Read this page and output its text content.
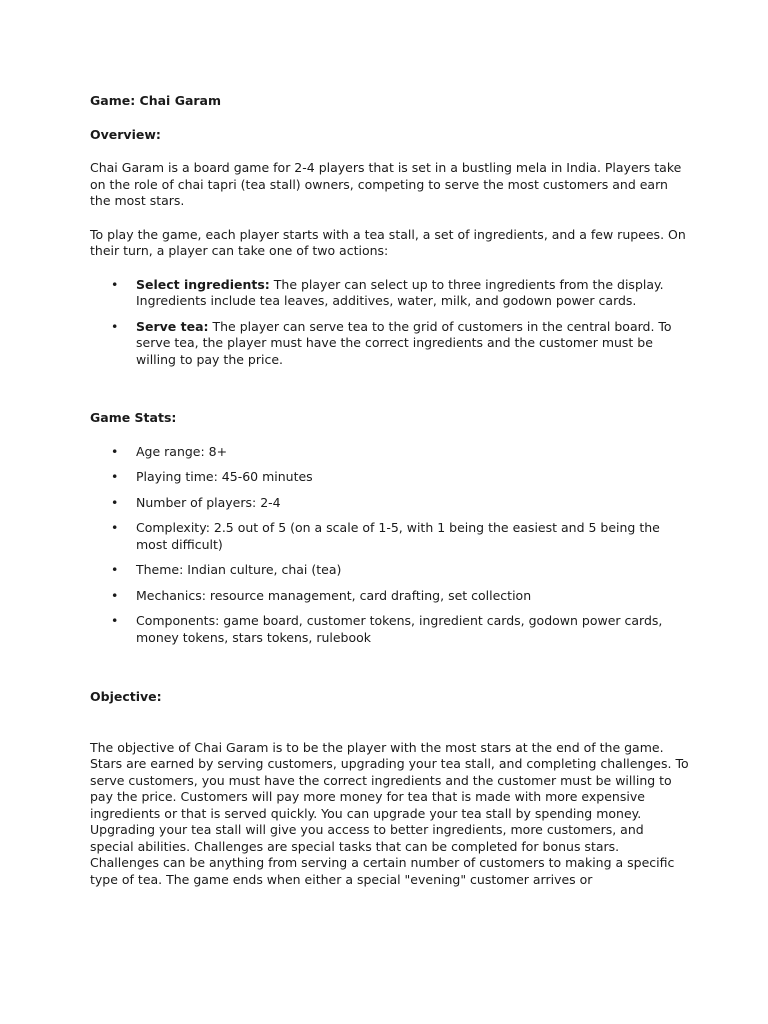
Game: Chai Garam

Overview:

Chai Garam is a board game for 2-4 players that is set in a bustling mela in India. Players take on the role of chai tapri (tea stall) owners, competing to serve the most customers and earn the most stars.

To play the game, each player starts with a tea stall, a set of ingredients, and a few rupees. On their turn, a player can take one of two actions:

• Select ingredients: The player can select up to three ingredients from the display. Ingredients include tea leaves, additives, water, milk, and godown power cards.
• Serve tea: The player can serve tea to the grid of customers in the central board. To serve tea, the player must have the correct ingredients and the customer must be willing to pay the price.

Game Stats:

• Age range: 8+
• Playing time: 45-60 minutes
• Number of players: 2-4
• Complexity: 2.5 out of 5 (on a scale of 1-5, with 1 being the easiest and 5 being the most difficult)
• Theme: Indian culture, chai (tea)
• Mechanics: resource management, card drafting, set collection
• Components: game board, customer tokens, ingredient cards, godown power cards, money tokens, stars tokens, rulebook

Objective:

The objective of Chai Garam is to be the player with the most stars at the end of the game. Stars are earned by serving customers, upgrading your tea stall, and completing challenges. To serve customers, you must have the correct ingredients and the customer must be willing to pay the price. Customers will pay more money for tea that is made with more expensive ingredients or that is served quickly. You can upgrade your tea stall by spending money. Upgrading your tea stall will give you access to better ingredients, more customers, and special abilities. Challenges are special tasks that can be completed for bonus stars. Challenges can be anything from serving a certain number of customers to making a specific type of tea. The game ends when either a special "evening" customer arrives or
